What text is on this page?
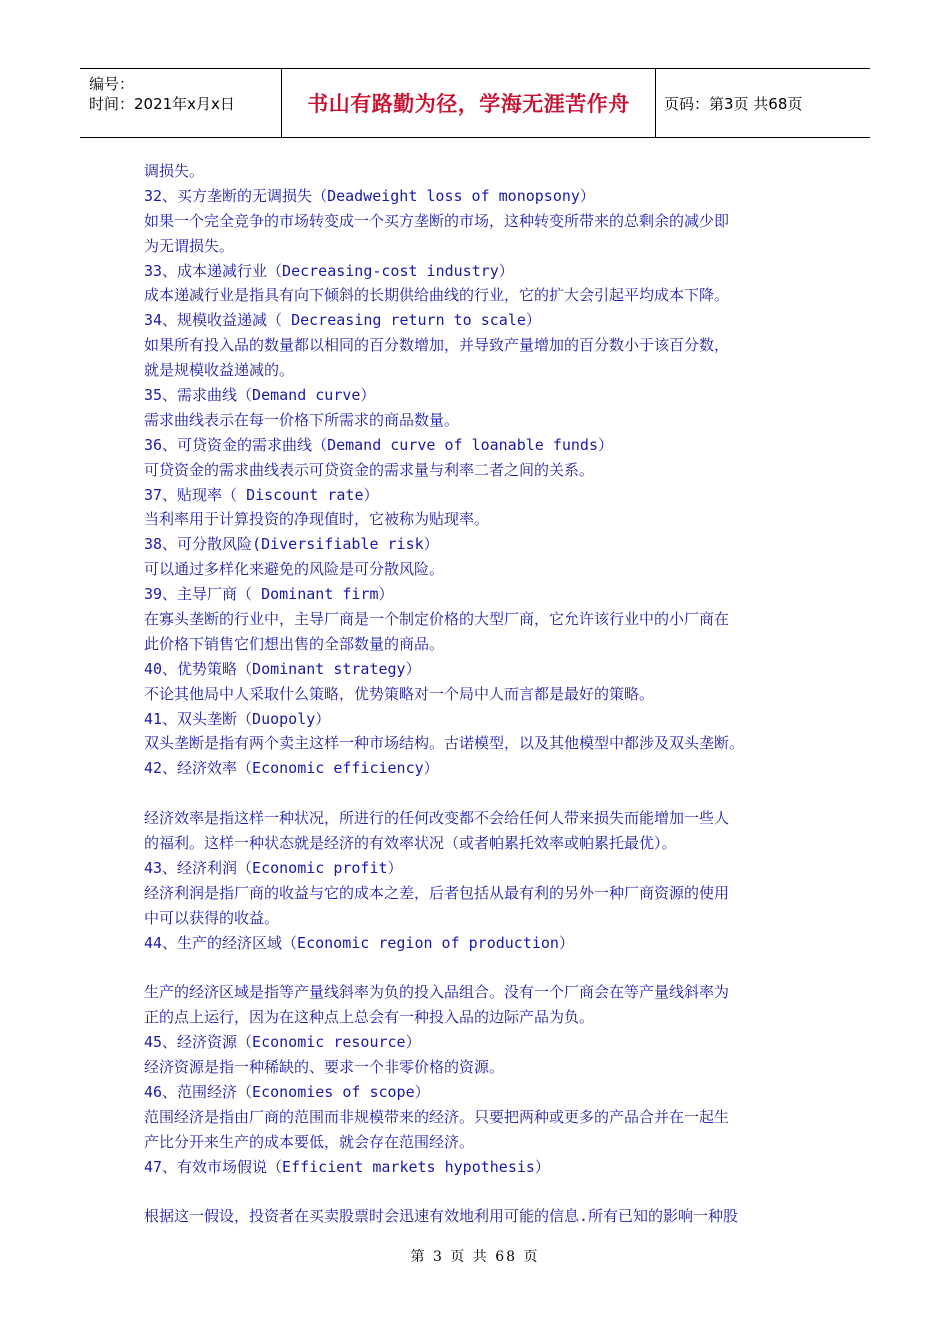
编号：
时间：2021年x月x日	书山有路勤为径，学海无涯苦作舟 页码：第3页 共68页
调损失。
32、买方垄断的无调损失（Deadweight loss of monopsony）
如果一个完全竞争的市场转变成一个买方垄断的市场，这种转变所带来的总剩余的减少即
为无谓损失。
33、成本递减行业（Decreasing-cost industry）
成本递减行业是指具有向下倾斜的长期供给曲线的行业，它的扩大会引起平均成本下降。
34、规模收益递减（ Decreasing return to scale）
如果所有投入品的数量都以相同的百分数增加，并导致产量增加的百分数小于该百分数，
就是规模收益递减的。
35、需求曲线（Demand curve）
需求曲线表示在每一价格下所需求的商品数量。
36、可贷资金的需求曲线（Demand curve of loanable funds）
可贷资金的需求曲线表示可贷资金的需求量与利率二者之间的关系。
37、贴现率（ Discount rate）
当利率用于计算投资的净现值时，它被称为贴现率。
38、可分散风险(Diversifiable risk）
可以通过多样化来避免的风险是可分散风险。
39、主导厂商（ Dominant firm）
在寡头垄断的行业中，主导厂商是一个制定价格的大型厂商，它允许该行业中的小厂商在
此价格下销售它们想出售的全部数量的商品。
40、优势策略（Dominant strategy）
不论其他局中人采取什么策略，优势策略对一个局中人而言都是最好的策略。
41、双头垄断（Duopoly）
双头垄断是指有两个卖主这样一种市场结构。古诺模型，以及其他模型中都涉及双头垄断。
42、经济效率（Economic efficiency）
经济效率是指这样一种状况，所进行的任何改变都不会给任何人带来损失而能增加一些人
的福利。这样一种状态就是经济的有效率状况（或者帕累托效率或帕累托最优）。
43、经济利润（Economic profit）
经济利润是指厂商的收益与它的成本之差，后者包括从最有利的另外一种厂商资源的使用
中可以获得的收益。
44、生产的经济区域（Economic region of production）
生产的经济区域是指等产量线斜率为负的投入品组合。没有一个厂商会在等产量线斜率为
正的点上运行，因为在这种点上总会有一种投入品的边际产品为负。
45、经济资源（Economic resource）
经济资源是指一种稀缺的、要求一个非零价格的资源。
46、范围经济（Economies of scope）
范围经济是指由厂商的范围而非规模带来的经济。只要把两种或更多的产品合并在一起生
产比分开来生产的成本要低，就会存在范围经济。
47、有效市场假说（Efficient markets hypothesis）
根据这一假设，投资者在买卖股票时会迅速有效地利用可能的信息.所有已知的影响一种股
第 3 页 共 68 页
